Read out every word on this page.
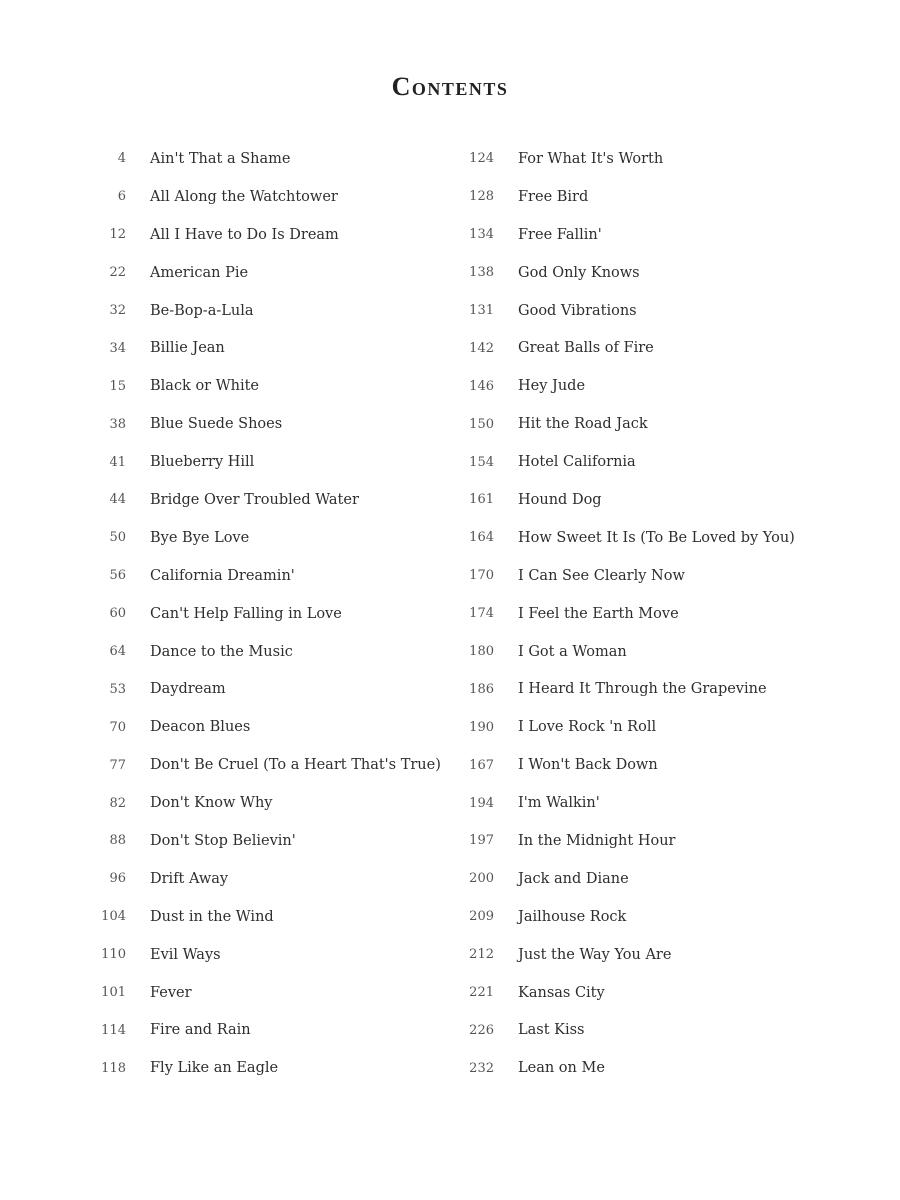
Contents
4	Ain't That a Shame
6	All Along the Watchtower
12	All I Have to Do Is Dream
22	American Pie
32	Be-Bop-a-Lula
34	Billie Jean
15	Black or White
38	Blue Suede Shoes
41	Blueberry Hill
44	Bridge Over Troubled Water
50	Bye Bye Love
56	California Dreamin'
60	Can't Help Falling in Love
64	Dance to the Music
53	Daydream
70	Deacon Blues
77	Don't Be Cruel (To a Heart That's True)
82	Don't Know Why
88	Don't Stop Believin'
96	Drift Away
104	Dust in the Wind
110	Evil Ways
101	Fever
114	Fire and Rain
118	Fly Like an Eagle
124	For What It's Worth
128	Free Bird
134	Free Fallin'
138	God Only Knows
131	Good Vibrations
142	Great Balls of Fire
146	Hey Jude
150	Hit the Road Jack
154	Hotel California
161	Hound Dog
164	How Sweet It Is (To Be Loved by You)
170	I Can See Clearly Now
174	I Feel the Earth Move
180	I Got a Woman
186	I Heard It Through the Grapevine
190	I Love Rock 'n Roll
167	I Won't Back Down
194	I'm Walkin'
197	In the Midnight Hour
200	Jack and Diane
209	Jailhouse Rock
212	Just the Way You Are
221	Kansas City
226	Last Kiss
232	Lean on Me
